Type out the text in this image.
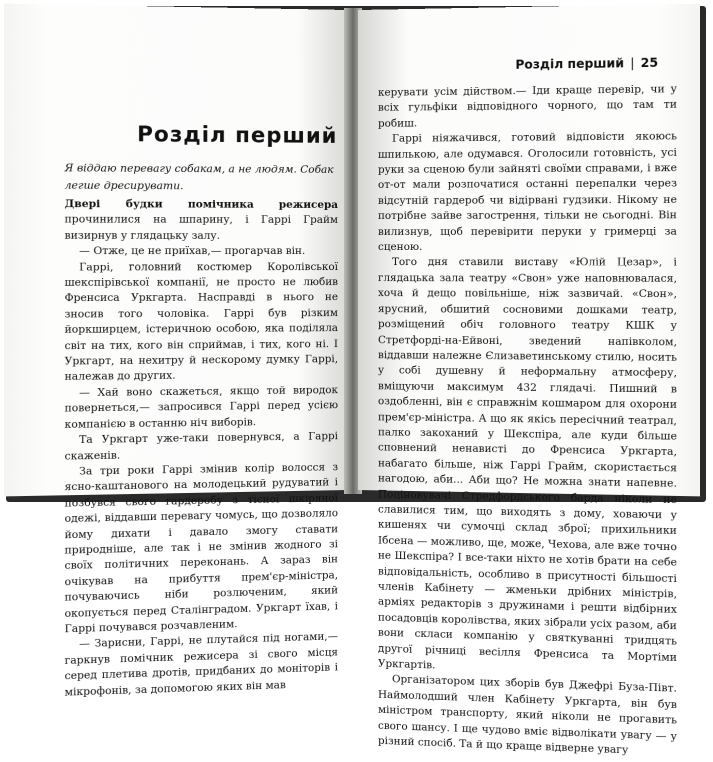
Розділ перший
Я віддаю перевагу собакам, а не людям. Собак легше дресирувати.

Двері будки помічника режисера прочинилися на шпарину, і Гаррі Грайм визирнув у глядацьку залу.

— Отже, це не приїхав,— прогарчав він.

Гаррі, головний костюмер Королівської шекспірівської компанії, не просто не любив Френсиса Уркгарта. Насправді в нього не зносив того чоловіка. Гаррі був різким йоркширцем, істеричною особою, яка поділяла світ на тих, кого він сприймав, і тих, кого ні. І Уркгарт, на нехитру й нескорому думку Гаррі, належав до других.

— Хай воно скажеться, якщо той виродок повернеться,— запросився Гаррі перед усією компанією в останню ніч виборів.

Та Уркгарт уже-таки повернувся, а Гаррі скаженів.

За три роки Гаррі змінив колір волосся з ясно-каштанового на молодецький рудуватий і позбувся свого гардеробу з тісної шкіряної одежі, віддавши перевагу чомусь, що дозволяло йому дихати і давало змогу ставати природніше, але так і не змінив жодного зі своїх політичних переконань. А зараз він очікував на прибуття прем'єр-міністра, почуваючись ніби розлюченим, який окопується перед Сталінградом. Уркгарт їхав, і Гаррі почувався розчавленим.

— Зарисни, Гаррі, не плутайся під ногами,— гаркнув помічник режисера зі свого місця серед плетива дротів, придбаних до моніторів і мікрофонів, за допомогою яких він мав

Розділ перший | 25

керувати усім дійством.— Іди краще перевір, чи у всіх гульфіки відповідного чорного, що там ти робиш.

Гаррі ніяжачився, готовий відповісти якоюсь шпилькою, але одумався. Оголосили готовність, усі руки за сценою були зайняті своїми справами, і вже от-от мали розпочатися останні перепалки через відсутній гардероб чи відірвані гудзики. Нікому не потрібне зайве загострення, тільки не сьогодні. Він вилизнув, щоб перевірити перуки у гримерці за сценою.

Того дня ставили виставу «Юлій Цезар», і глядацька зала театру «Свон» уже наповнювалася, хоча й дещо повільніше, ніж зазвичай. «Свон», ярусний, обшитий сосновими дошками театр, розміщений обіч головного театру КШК у Стретфорді-на-Ейвоні, зведений напівколом, віддавши належне Єлизаветинському стилю, носить у собі душевну й неформальну атмосферу, вміщуючи максимум 432 глядачі. Пишний в оздобленні, він є справжнім кошмаром для охорони прем'єр-міністра. А що як якісь пересічний театрал, палко закоханий у Шекспіра, але куди більше сповнений ненависті до Френсиса Уркгарта, набагато більше, ніж Гаррі Грайм, скористається нагодою, аби... Аби що? Не можна знати напевне. Поціновувачі Стредфордського барда ніколи не славилися тим, що виходять з дому, ховаючи у кишенях чи сумочці склад зброї; прихильники Ібсена — можливо, ще, може, Чехова, але вже точно не Шекспіра? І все-таки ніхто не хотів брати на себе відповідальність, особливо в присутності більшості членів Кабінету — жменьки дрібних міністрів, арміях редакторів з дружинами і решти відбірних посадовців королівства, яких зібрали усіх разом, аби вони скласи компанію у святкуванні тридцять другої річниці весілля Френсиса та Мортіми Уркгартів.

Організатором цих зборів був Джефрі Буза-Півт. Наймолодший член Кабінету Уркгарта, він був міністром транспорту, який ніколи не прогавить свого шансу. І ще чудово вміє відволікати увагу — у різний спосіб. Та й що краще відверне увагу
